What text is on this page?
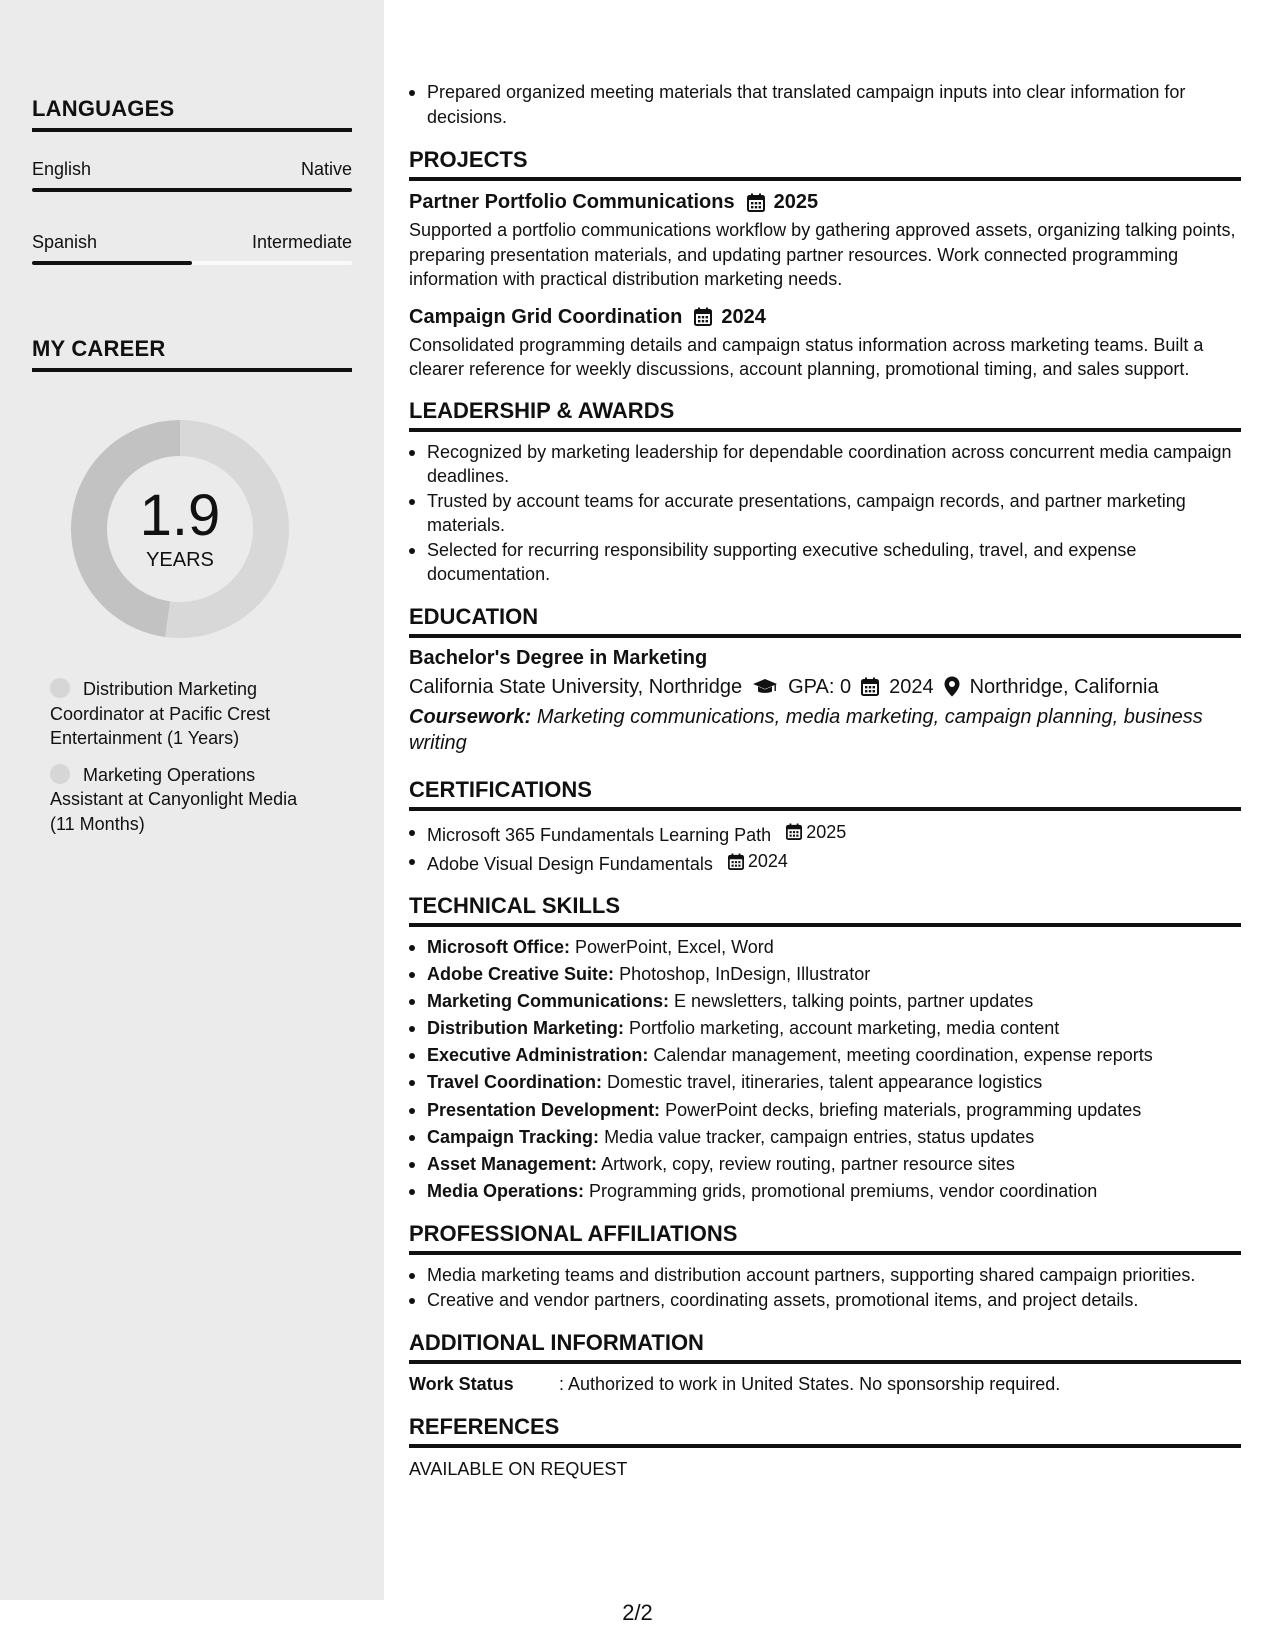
LANGUAGES
English	Native
Spanish	Intermediate
MY CAREER
1.9
YEARS
Distribution Marketing Coordinator at Pacific Crest Entertainment (1 Years)
Marketing Operations Assistant at Canyonlight Media (11 Months)
Prepared organized meeting materials that translated campaign inputs into clear information for decisions.
PROJECTS
Partner Portfolio Communications 2025
Supported a portfolio communications workflow by gathering approved assets, organizing talking points, preparing presentation materials, and updating partner resources. Work connected programming information with practical distribution marketing needs.
Campaign Grid Coordination 2024
Consolidated programming details and campaign status information across marketing teams. Built a clearer reference for weekly discussions, account planning, promotional timing, and sales support.
LEADERSHIP & AWARDS
Recognized by marketing leadership for dependable coordination across concurrent media campaign deadlines.
Trusted by account teams for accurate presentations, campaign records, and partner marketing materials.
Selected for recurring responsibility supporting executive scheduling, travel, and expense documentation.
EDUCATION
Bachelor's Degree in Marketing
California State University, Northridge GPA: 0 2024 Northridge, California
Coursework: Marketing communications, media marketing, campaign planning, business writing
CERTIFICATIONS
Microsoft 365 Fundamentals Learning Path 2025
Adobe Visual Design Fundamentals 2024
TECHNICAL SKILLS
Microsoft Office: PowerPoint, Excel, Word
Adobe Creative Suite: Photoshop, InDesign, Illustrator
Marketing Communications: E newsletters, talking points, partner updates
Distribution Marketing: Portfolio marketing, account marketing, media content
Executive Administration: Calendar management, meeting coordination, expense reports
Travel Coordination: Domestic travel, itineraries, talent appearance logistics
Presentation Development: PowerPoint decks, briefing materials, programming updates
Campaign Tracking: Media value tracker, campaign entries, status updates
Asset Management: Artwork, copy, review routing, partner resource sites
Media Operations: Programming grids, promotional premiums, vendor coordination
PROFESSIONAL AFFILIATIONS
Media marketing teams and distribution account partners, supporting shared campaign priorities.
Creative and vendor partners, coordinating assets, promotional items, and project details.
ADDITIONAL INFORMATION
Work Status	: Authorized to work in United States. No sponsorship required.
REFERENCES
AVAILABLE ON REQUEST
2/2
